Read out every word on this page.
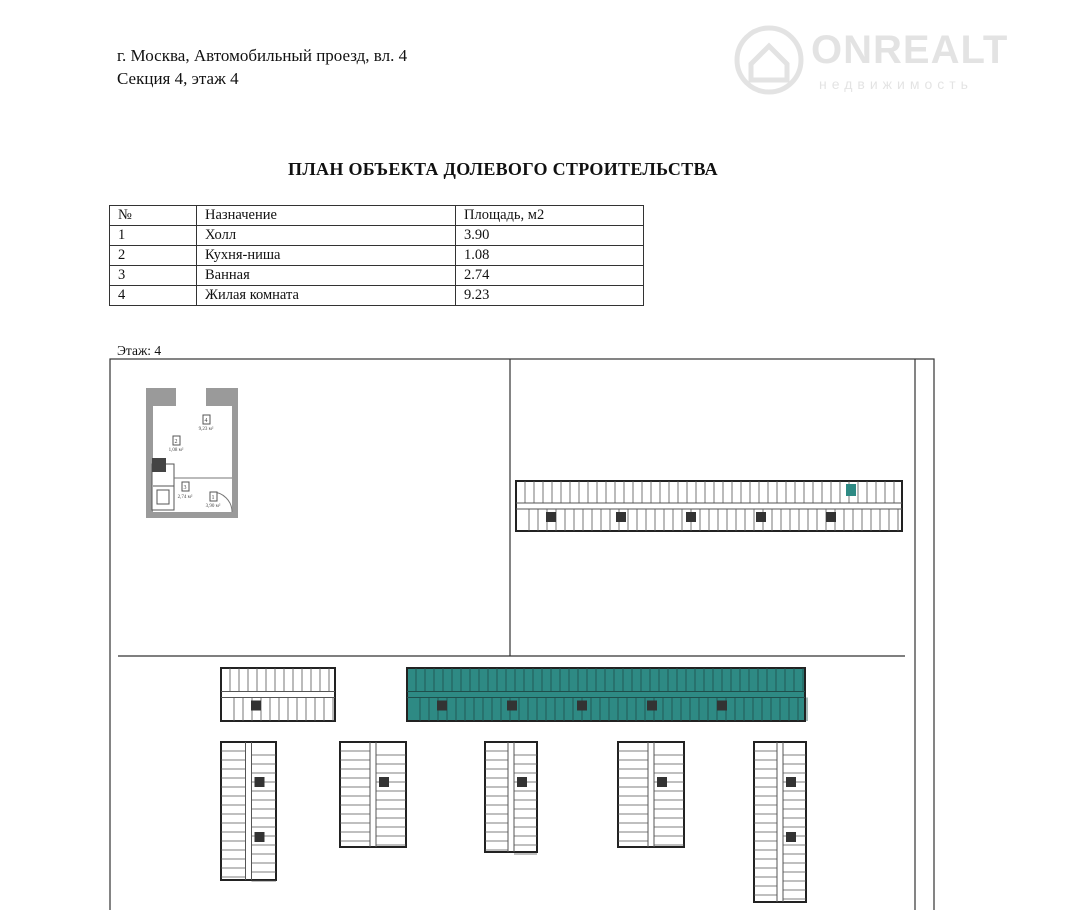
г. Москва, Автомобильный проезд, вл. 4
Секция 4, этаж 4
ONREALT
недвижимость
ПЛАН ОБЪЕКТА ДОЛЕВОГО СТРОИТЕЛЬСТВА
№	Назначение	Площадь, м2
1	Холл	3.90
2	Кухня-ниша	1.08
3	Ванная	2.74
4	Жилая комната	9.23
Этаж: 4
4
9,23 м²
2
1,08 м²
3
2,74 м²	1
3,90 м²
